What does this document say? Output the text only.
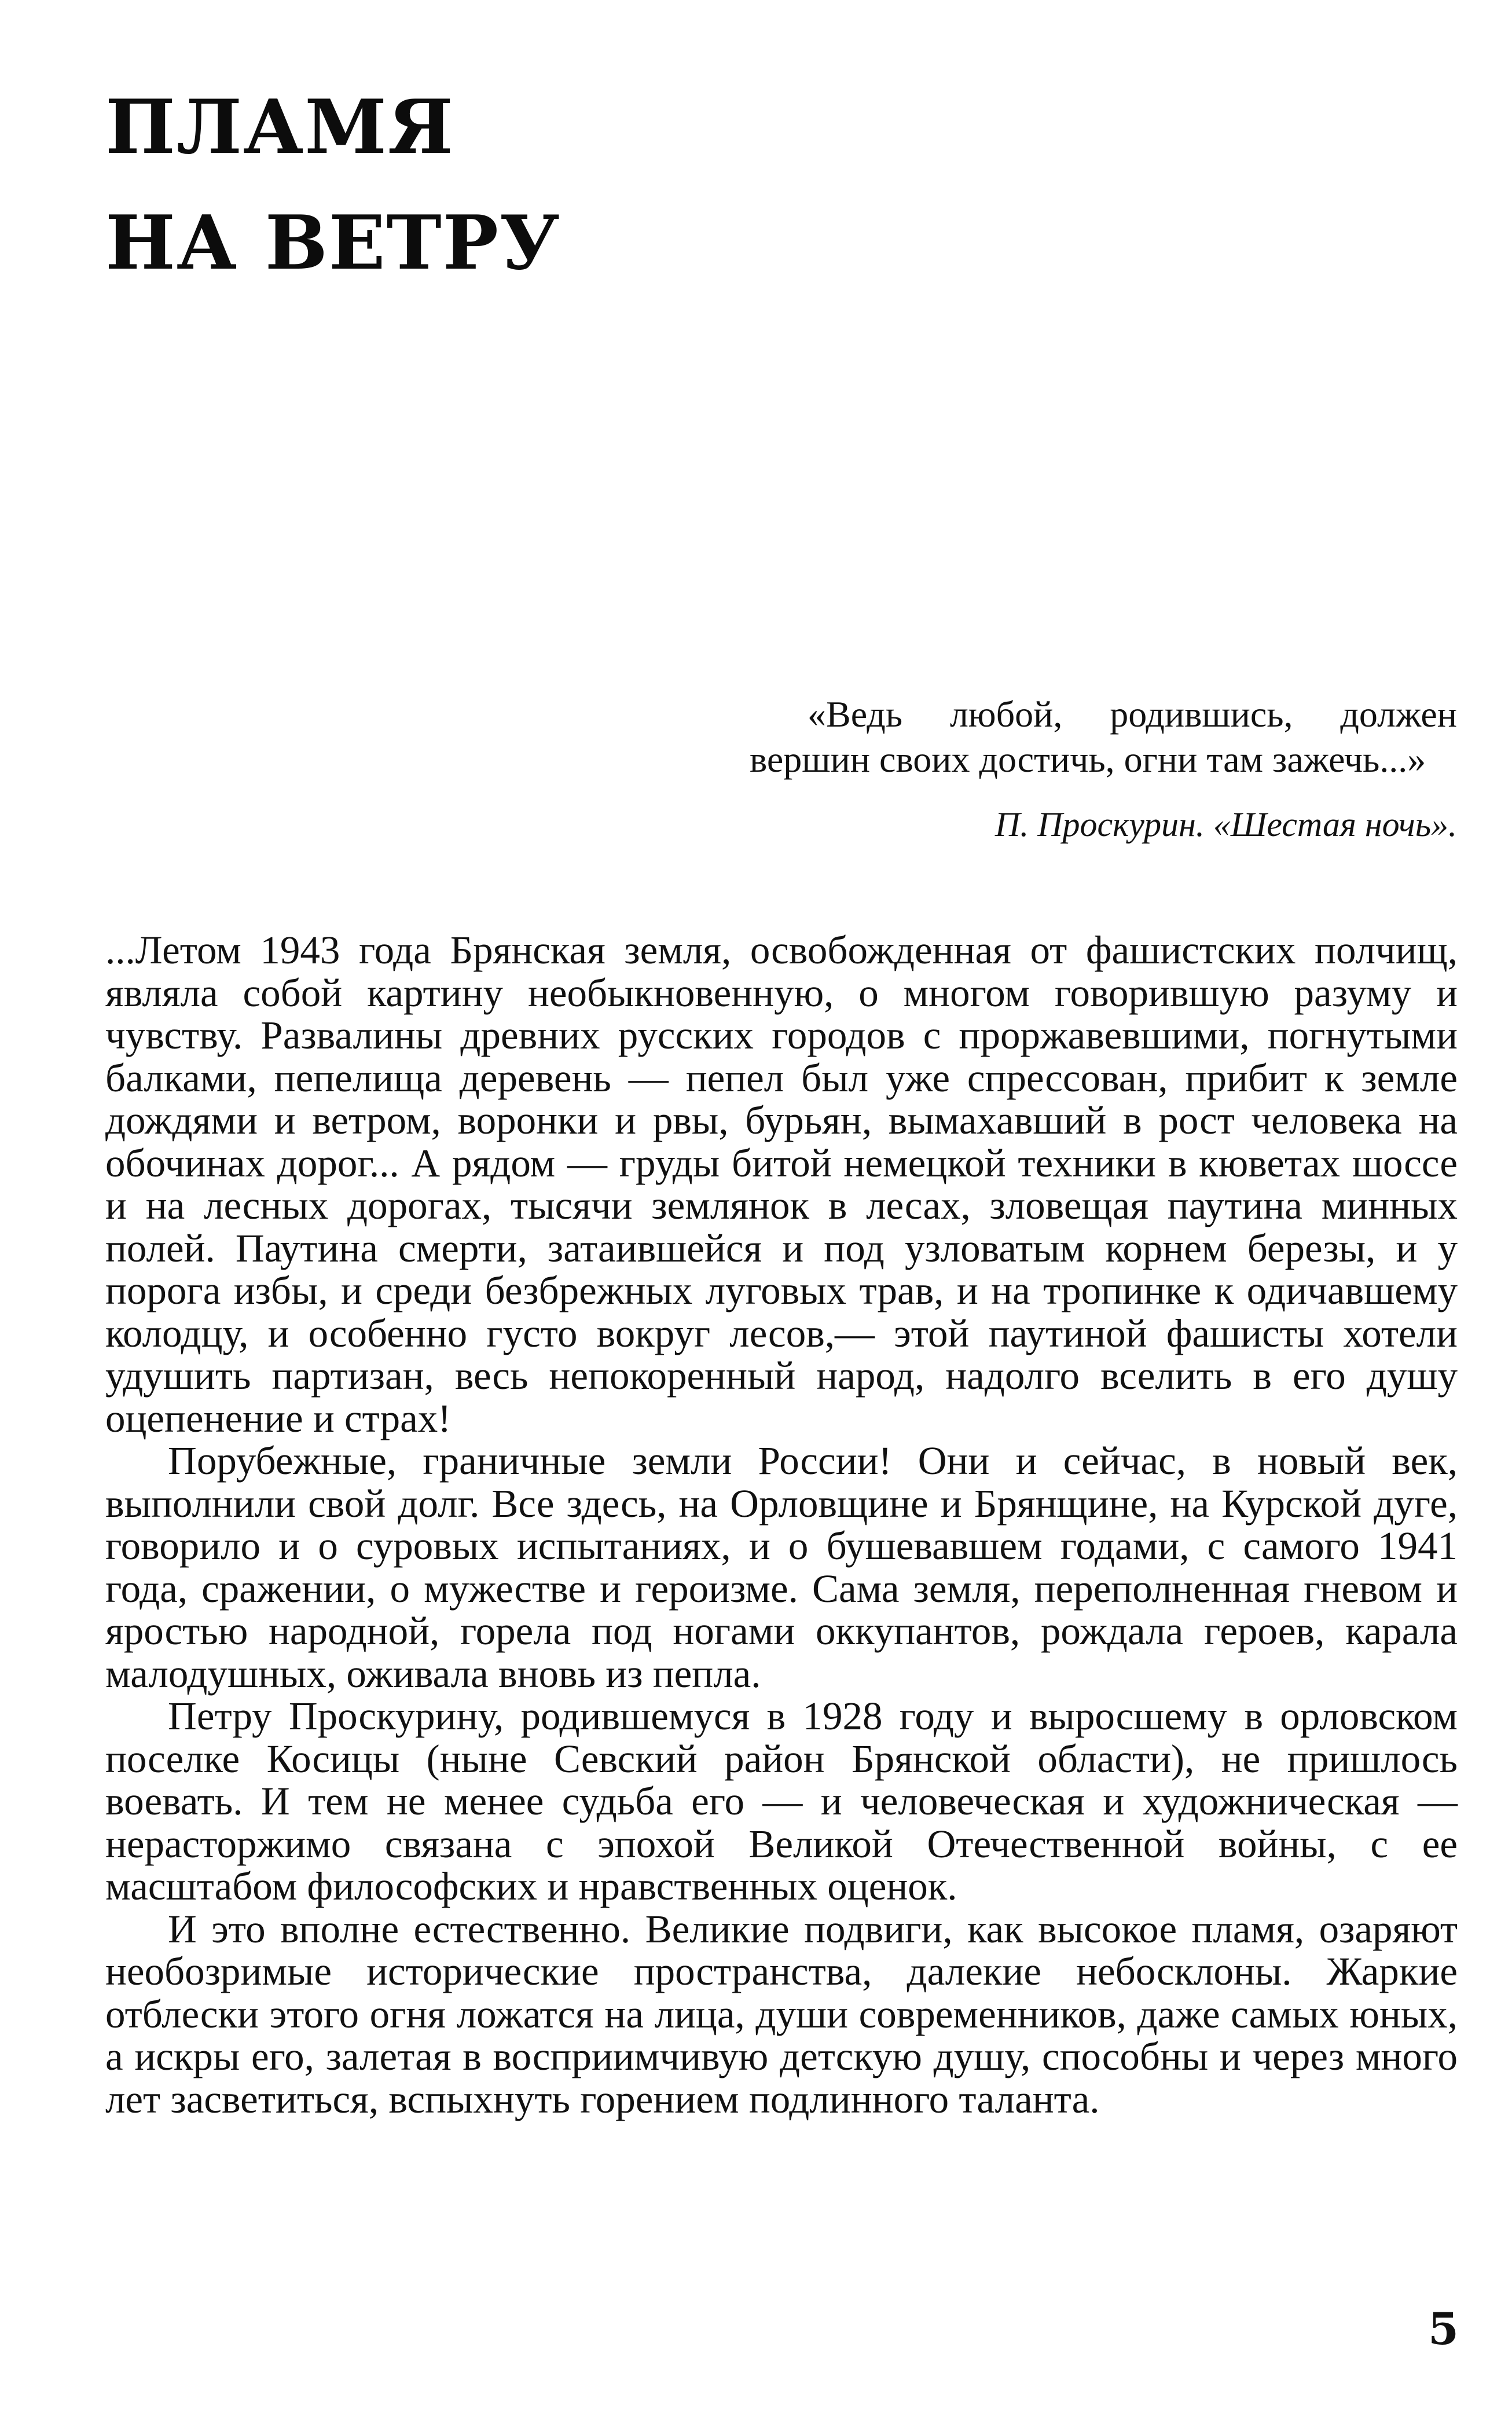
ПЛАМЯ
НА ВЕТРУ

«Ведь любой, родившись, должен вершин своих достичь, огни там зажечь...»

П. Проскурин. «Шестая ночь».

...Летом 1943 года Брянская земля, освобожденная от фашистских полчищ, являла собой картину необыкновенную, о многом говорившую разуму и чувству. Развалины древних русских городов с проржавевшими, погнутыми балками, пепелища деревень — пепел был уже спрессован, прибит к земле дождями и ветром, воронки и рвы, бурьян, вымахавший в рост человека на обочинах дорог... А рядом — груды битой немецкой техники в кюветах шоссе и на лесных дорогах, тысячи землянок в лесах, зловещая паутина минных полей. Паутина смерти, затаившейся и под узловатым корнем березы, и у порога избы, и среди безбрежных луговых трав, и на тропинке к одичавшему колодцу, и особенно густо вокруг лесов,— этой паутиной фашисты хотели удушить партизан, весь непокоренный народ, надолго вселить в его душу оцепенение и страх!

Порубежные, граничные земли России! Они и сейчас, в новый век, выполнили свой долг. Все здесь, на Орловщине и Брянщине, на Курской дуге, говорило и о суровых испытаниях, и о бушевавшем годами, с самого 1941 года, сражении, о мужестве и героизме. Сама земля, переполненная гневом и яростью народной, горела под ногами оккупантов, рождала героев, карала малодушных, оживала вновь из пепла.

Петру Проскурину, родившемуся в 1928 году и выросшему в орловском поселке Косицы (ныне Севский район Брянской области), не пришлось воевать. И тем не менее судьба его — и человеческая и художническая — нерасторжимо связана с эпохой Великой Отечественной войны, с ее масштабом философских и нравственных оценок.

И это вполне естественно. Великие подвиги, как высокое пламя, озаряют необозримые исторические пространства, далекие небосклоны. Жаркие отблески этого огня ложатся на лица, души современников, даже самых юных, а искры его, залетая в восприимчивую детскую душу, способны и через много лет засветиться, вспыхнуть горением подлинного таланта.

5
